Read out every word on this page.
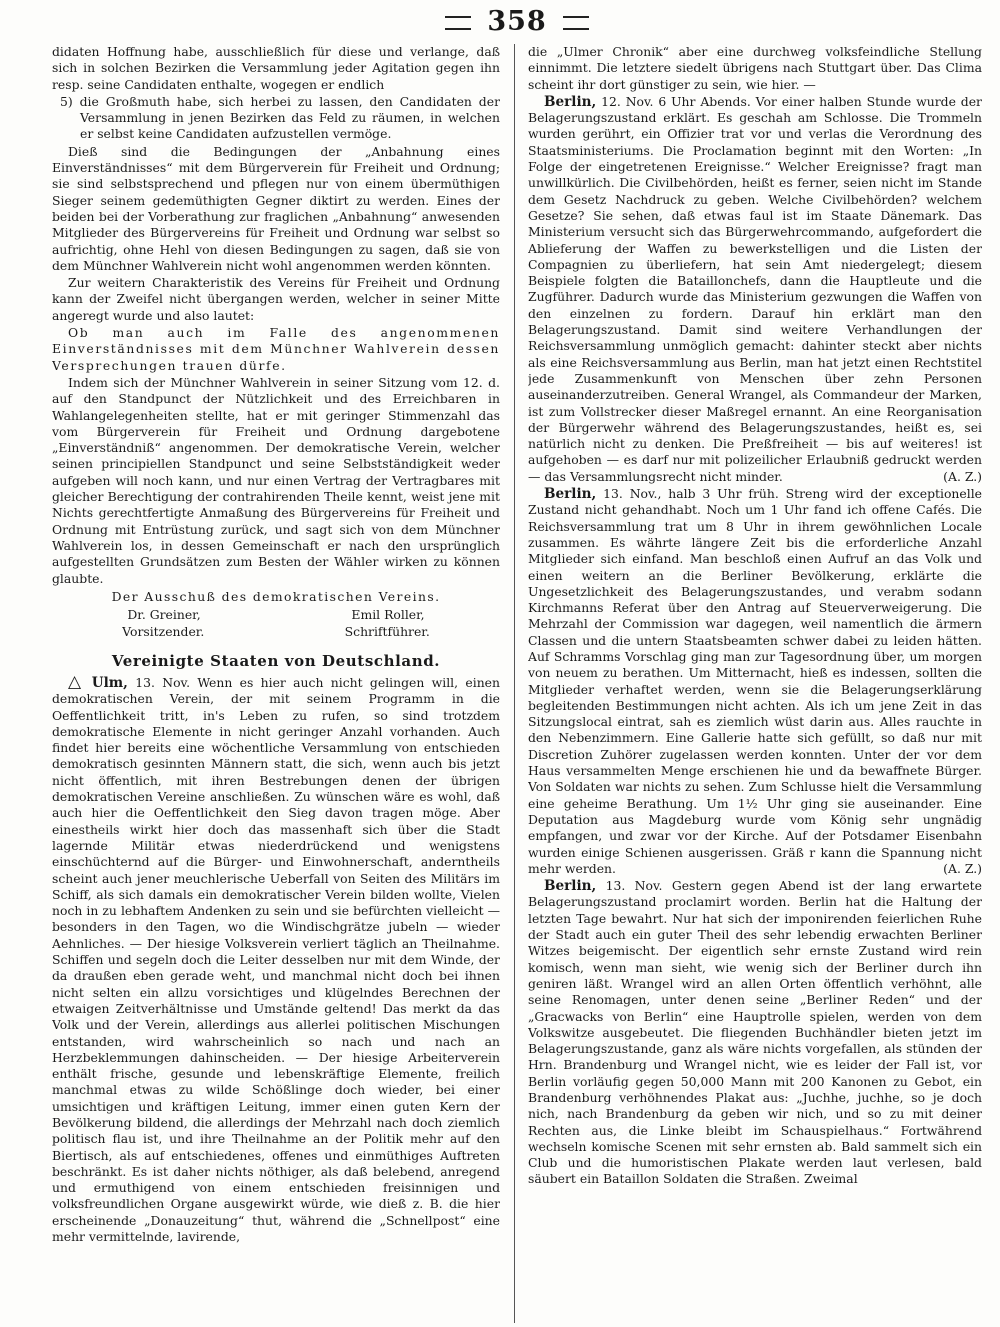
358

didaten Hoffnung habe, ausschließlich für diese und verlange, daß sich in solchen Bezirken die Versammlung jeder Agitation gegen ihn resp. seine Candidaten enthalte, wogegen er endlich

5) die Großmuth habe, sich herbei zu lassen, den Candidaten der Versammlung in jenen Bezirken das Feld zu räumen, in welchen er selbst keine Candidaten aufzustellen vermöge.

Dieß sind die Bedingungen der „Anbahnung eines Einverständnisses“ mit dem Bürgerverein für Freiheit und Ordnung; sie sind selbstsprechend und pflegen nur von einem übermüthigen Sieger seinem gedemüthigten Gegner diktirt zu werden. Eines der beiden bei der Vorberathung zur fraglichen „Anbahnung“ anwesenden Mitglieder des Bürgervereins für Freiheit und Ordnung war selbst so aufrichtig, ohne Hehl von diesen Bedingungen zu sagen, daß sie von dem Münchner Wahlverein nicht wohl angenommen werden könnten.

Zur weitern Charakteristik des Vereins für Freiheit und Ordnung kann der Zweifel nicht übergangen werden, welcher in seiner Mitte angeregt wurde und also lautet:

Ob man auch im Falle des angenommenen Einverständnisses mit dem Münchner Wahlverein dessen Versprechungen trauen dürfe.

Indem sich der Münchner Wahlverein in seiner Sitzung vom 12. d. auf den Standpunct der Nützlichkeit und des Erreichbaren in Wahlangelegenheiten stellte, hat er mit geringer Stimmenzahl das vom Bürgerverein für Freiheit und Ordnung dargebotene „Einverständniß“ angenommen. Der demokratische Verein, welcher seinen principiellen Standpunct und seine Selbstständigkeit weder aufgeben will noch kann, und nur einen Vertrag der Vertragbares mit gleicher Berechtigung der contrahirenden Theile kennt, weist jene mit Nichts gerechtfertigte Anmaßung des Bürgervereins für Freiheit und Ordnung mit Entrüstung zurück, und sagt sich von dem Münchner Wahlverein los, in dessen Gemeinschaft er nach den ursprünglich aufgestellten Grundsätzen zum Besten der Wähler wirken zu können glaubte.

Der Ausschuß des demokratischen Vereins.
Dr. Greiner,	Emil Roller,
Vorsitzender.	Schriftführer.
Vereinigte Staaten von Deutschland.

△ Ulm, 13. Nov. Wenn es hier auch nicht gelingen will, einen demokratischen Verein, der mit seinem Programm in die Oeffentlichkeit tritt, in's Leben zu rufen, so sind trotzdem demokratische Elemente in nicht geringer Anzahl vorhanden. Auch findet hier bereits eine wöchentliche Versammlung von entschieden demokratisch gesinnten Männern statt, die sich, wenn auch bis jetzt nicht öffentlich, mit ihren Bestrebungen denen der übrigen demokratischen Vereine anschließen. Zu wünschen wäre es wohl, daß auch hier die Oeffentlichkeit den Sieg davon tragen möge. Aber einestheils wirkt hier doch das massenhaft sich über die Stadt lagernde Militär etwas niederdrückend und wenigstens einschüchternd auf die Bürger- und Einwohnerschaft, anderntheils scheint auch jener meuchlerische Ueberfall von Seiten des Militärs im Schiff, als sich damals ein demokratischer Verein bilden wollte, Vielen noch in zu lebhaftem Andenken zu sein und sie befürchten vielleicht — besonders in den Tagen, wo die Windischgrätze jubeln — wieder Aehnliches. — Der hiesige Volksverein verliert täglich an Theilnahme. Schiffen und segeln doch die Leiter desselben nur mit dem Winde, der da draußen eben gerade weht, und manchmal nicht doch bei ihnen nicht selten ein allzu vorsichtiges und klügelndes Berechnen der etwaigen Zeitverhältnisse und Umstände geltend! Das merkt da das Volk und der Verein, allerdings aus allerlei politischen Mischungen entstanden, wird wahrscheinlich so nach und nach an Herzbeklemmungen dahinscheiden. — Der hiesige Arbeiterverein enthält frische, gesunde und lebenskräftige Elemente, freilich manchmal etwas zu wilde Schößlinge doch wieder, bei einer umsichtigen und kräftigen Leitung, immer einen guten Kern der Bevölkerung bildend, die allerdings der Mehrzahl nach doch ziemlich politisch flau ist, und ihre Theilnahme an der Politik mehr auf den Biertisch, als auf entschiedenes, offenes und einmüthiges Auftreten beschränkt. Es ist daher nichts nöthiger, als daß belebend, anregend und ermuthigend von einem entschieden freisinnigen und volksfreundlichen Organe ausgewirkt würde, wie dieß z. B. die hier erscheinende „Donauzeitung“ thut, während die „Schnellpost“ eine mehr vermittelnde, lavirende,

die „Ulmer Chronik“ aber eine durchweg volksfeindliche Stellung einnimmt. Die letztere siedelt übrigens nach Stuttgart über. Das Clima scheint ihr dort günstiger zu sein, wie hier. —

Berlin, 12. Nov. 6 Uhr Abends. Vor einer halben Stunde wurde der Belagerungszustand erklärt. Es geschah am Schlosse. Die Trommeln wurden gerührt, ein Offizier trat vor und verlas die Verordnung des Staatsministeriums. Die Proclamation beginnt mit den Worten: „In Folge der eingetretenen Ereignisse.“ Welcher Ereignisse? fragt man unwillkürlich. Die Civilbehörden, heißt es ferner, seien nicht im Stande dem Gesetz Nachdruck zu geben. Welche Civilbehörden? welchem Gesetze? Sie sehen, daß etwas faul ist im Staate Dänemark. Das Ministerium versucht sich das Bürgerwehrcommando, aufgefordert die Ablieferung der Waffen zu bewerkstelligen und die Listen der Compagnien zu überliefern, hat sein Amt niedergelegt; diesem Beispiele folgten die Bataillonchefs, dann die Hauptleute und die Zugführer. Dadurch wurde das Ministerium gezwungen die Waffen von den einzelnen zu fordern. Darauf hin erklärt man den Belagerungszustand. Damit sind weitere Verhandlungen der Reichsversammlung unmöglich gemacht: dahinter steckt aber nichts als eine Reichsversammlung aus Berlin, man hat jetzt einen Rechtstitel jede Zusammenkunft von Menschen über zehn Personen auseinanderzutreiben. General Wrangel, als Commandeur der Marken, ist zum Vollstrecker dieser Maßregel ernannt. An eine Reorganisation der Bürgerwehr während des Belagerungszustandes, heißt es, sei natürlich nicht zu denken. Die Preßfreiheit — bis auf weiteres! ist aufgehoben — es darf nur mit polizeilicher Erlaubniß gedruckt werden — das Versammlungsrecht nicht minder.	(A. Z.)

Berlin, 13. Nov., halb 3 Uhr früh. Streng wird der exceptionelle Zustand nicht gehandhabt. Noch um 1 Uhr fand ich offene Cafés. Die Reichsversammlung trat um 8 Uhr in ihrem gewöhnlichen Locale zusammen. Es währte längere Zeit bis die erforderliche Anzahl Mitglieder sich einfand. Man beschloß einen Aufruf an das Volk und einen weitern an die Berliner Bevölkerung, erklärte die Ungesetzlichkeit des Belagerungszustandes, und verabm sodann Kirchmanns Referat über den Antrag auf Steuerverweigerung. Die Mehrzahl der Commission war dagegen, weil namentlich die ärmern Classen und die untern Staatsbeamten schwer dabei zu leiden hätten. Auf Schramms Vorschlag ging man zur Tagesordnung über, um morgen von neuem zu berathen. Um Mitternacht, hieß es indessen, sollten die Mitglieder verhaftet werden, wenn sie die Belagerungserklärung begleitenden Bestimmungen nicht achten. Als ich um jene Zeit in das Sitzungslocal eintrat, sah es ziemlich wüst darin aus. Alles rauchte in den Nebenzimmern. Eine Gallerie hatte sich gefüllt, so daß nur mit Discretion Zuhörer zugelassen werden konnten. Unter der vor dem Haus versammelten Menge erschienen hie und da bewaffnete Bürger. Von Soldaten war nichts zu sehen. Zum Schlusse hielt die Versammlung eine geheime Berathung. Um 1½ Uhr ging sie auseinander. Eine Deputation aus Magdeburg wurde vom König sehr ungnädig empfangen, und zwar vor der Kirche. Auf der Potsdamer Eisenbahn wurden einige Schienen ausgerissen. Gräß r kann die Spannung nicht mehr werden.	(A. Z.)

Berlin, 13. Nov. Gestern gegen Abend ist der lang erwartete Belagerungszustand proclamirt worden. Berlin hat die Haltung der letzten Tage bewahrt. Nur hat sich der imponirenden feierlichen Ruhe der Stadt auch ein guter Theil des sehr lebendig erwachten Berliner Witzes beigemischt. Der eigentlich sehr ernste Zustand wird rein komisch, wenn man sieht, wie wenig sich der Berliner durch ihn geniren läßt. Wrangel wird an allen Orten öffentlich verhöhnt, alle seine Renomagen, unter denen seine „Berliner Reden“ und der „Gracwacks von Berlin“ eine Hauptrolle spielen, werden von dem Volkswitze ausgebeutet. Die fliegenden Buchhändler bieten jetzt im Belagerungszustande, ganz als wäre nichts vorgefallen, als stünden der Hrn. Brandenburg und Wrangel nicht, wie es leider der Fall ist, vor Berlin vorläufig gegen 50,000 Mann mit 200 Kanonen zu Gebot, ein Brandenburg verhöhnendes Plakat aus: „Juchhe, juchhe, so je doch nich, nach Brandenburg da geben wir nich, und so zu mit deiner Rechten aus, die Linke bleibt im Schauspielhaus.“ Fortwährend wechseln komische Scenen mit sehr ernsten ab. Bald sammelt sich ein Club und die humoristischen Plakate werden laut verlesen, bald säubert ein Bataillon Soldaten die Straßen. Zweimal
